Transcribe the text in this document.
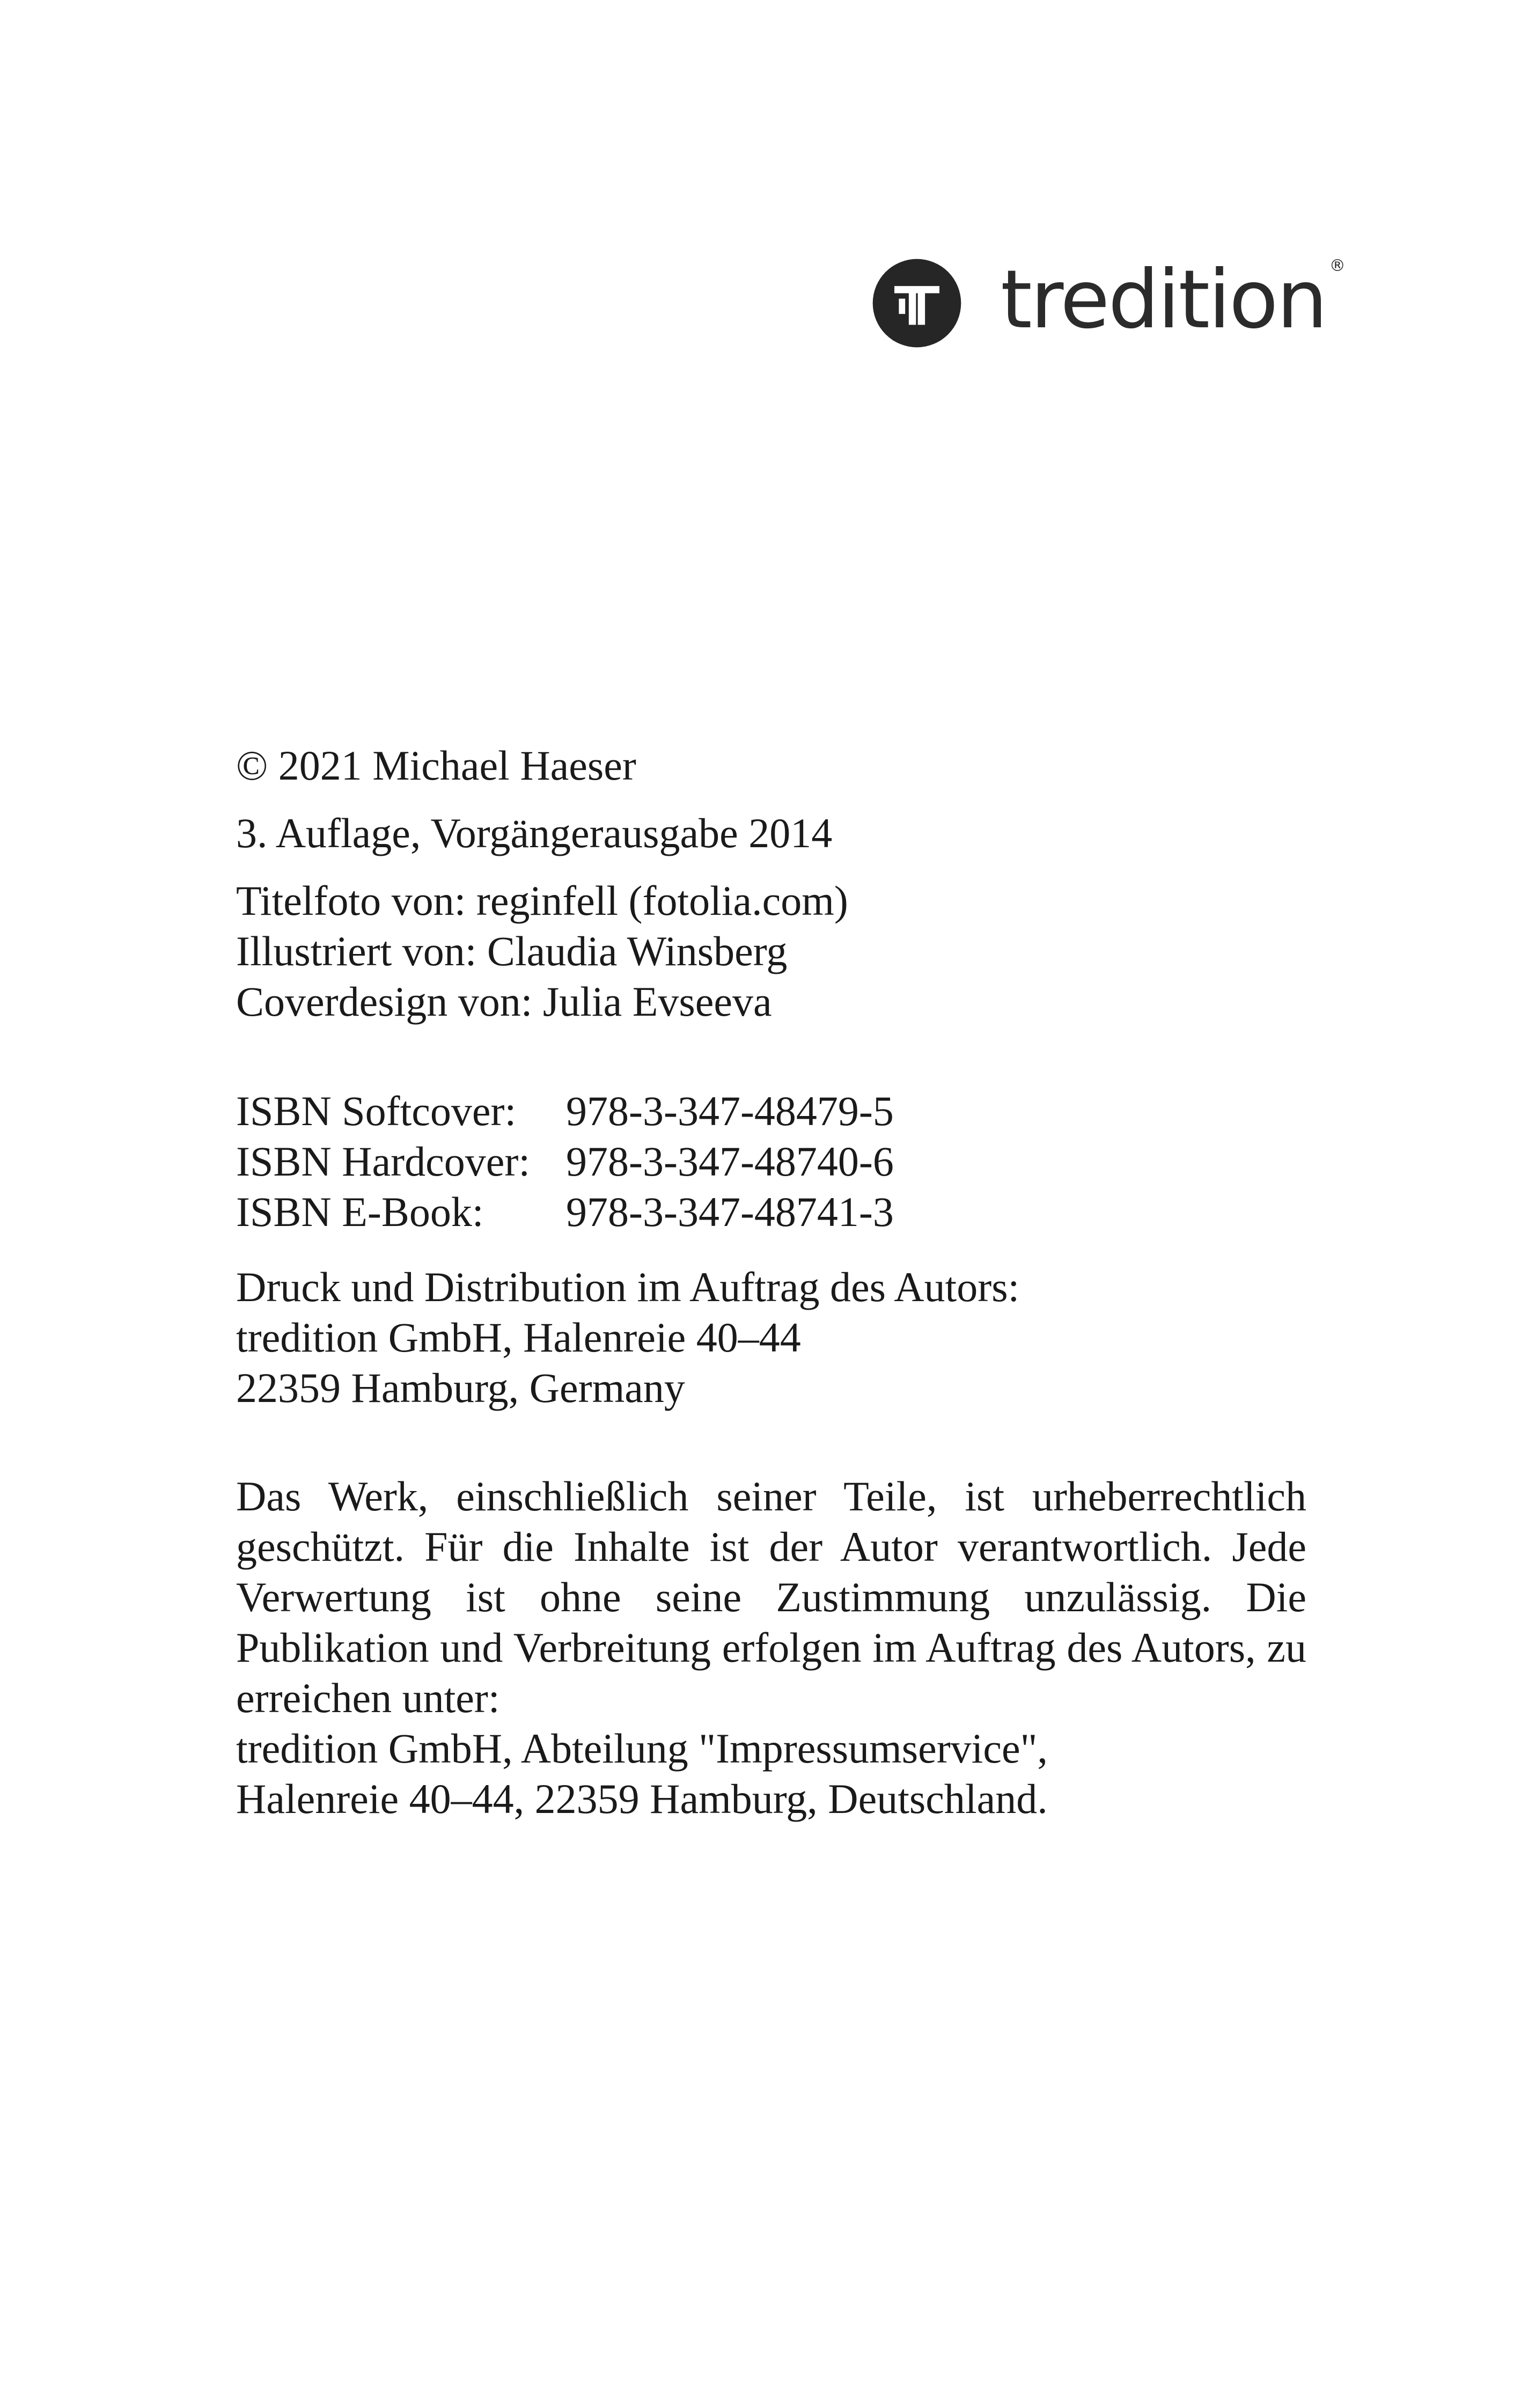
tredition ®
© 2021 Michael Haeser
3. Auflage, Vorgängerausgabe 2014
Titelfoto von: reginfell (fotolia.com)
Illustriert von: Claudia Winsberg
Coverdesign von: Julia Evseeva
ISBN Softcover:	978-3-347-48479-5
ISBN Hardcover: 978-3-347-48740-6
ISBN E-Book:	978-3-347-48741-3
Druck und Distribution im Auftrag des Autors:
tredition GmbH, Halenreie 40–44
22359 Hamburg, Germany

Das Werk, einschließlich seiner Teile, ist urheberrechtlich geschützt. Für die Inhalte ist der Autor verantwortlich. Jede Verwertung ist ohne seine Zustimmung unzulässig. Die Publikation und Verbreitung erfolgen im Auftrag des Autors, zu erreichen unter:

tredition GmbH, Abteilung "Impressumservice",
Halenreie 40–44, 22359 Hamburg, Deutschland.
